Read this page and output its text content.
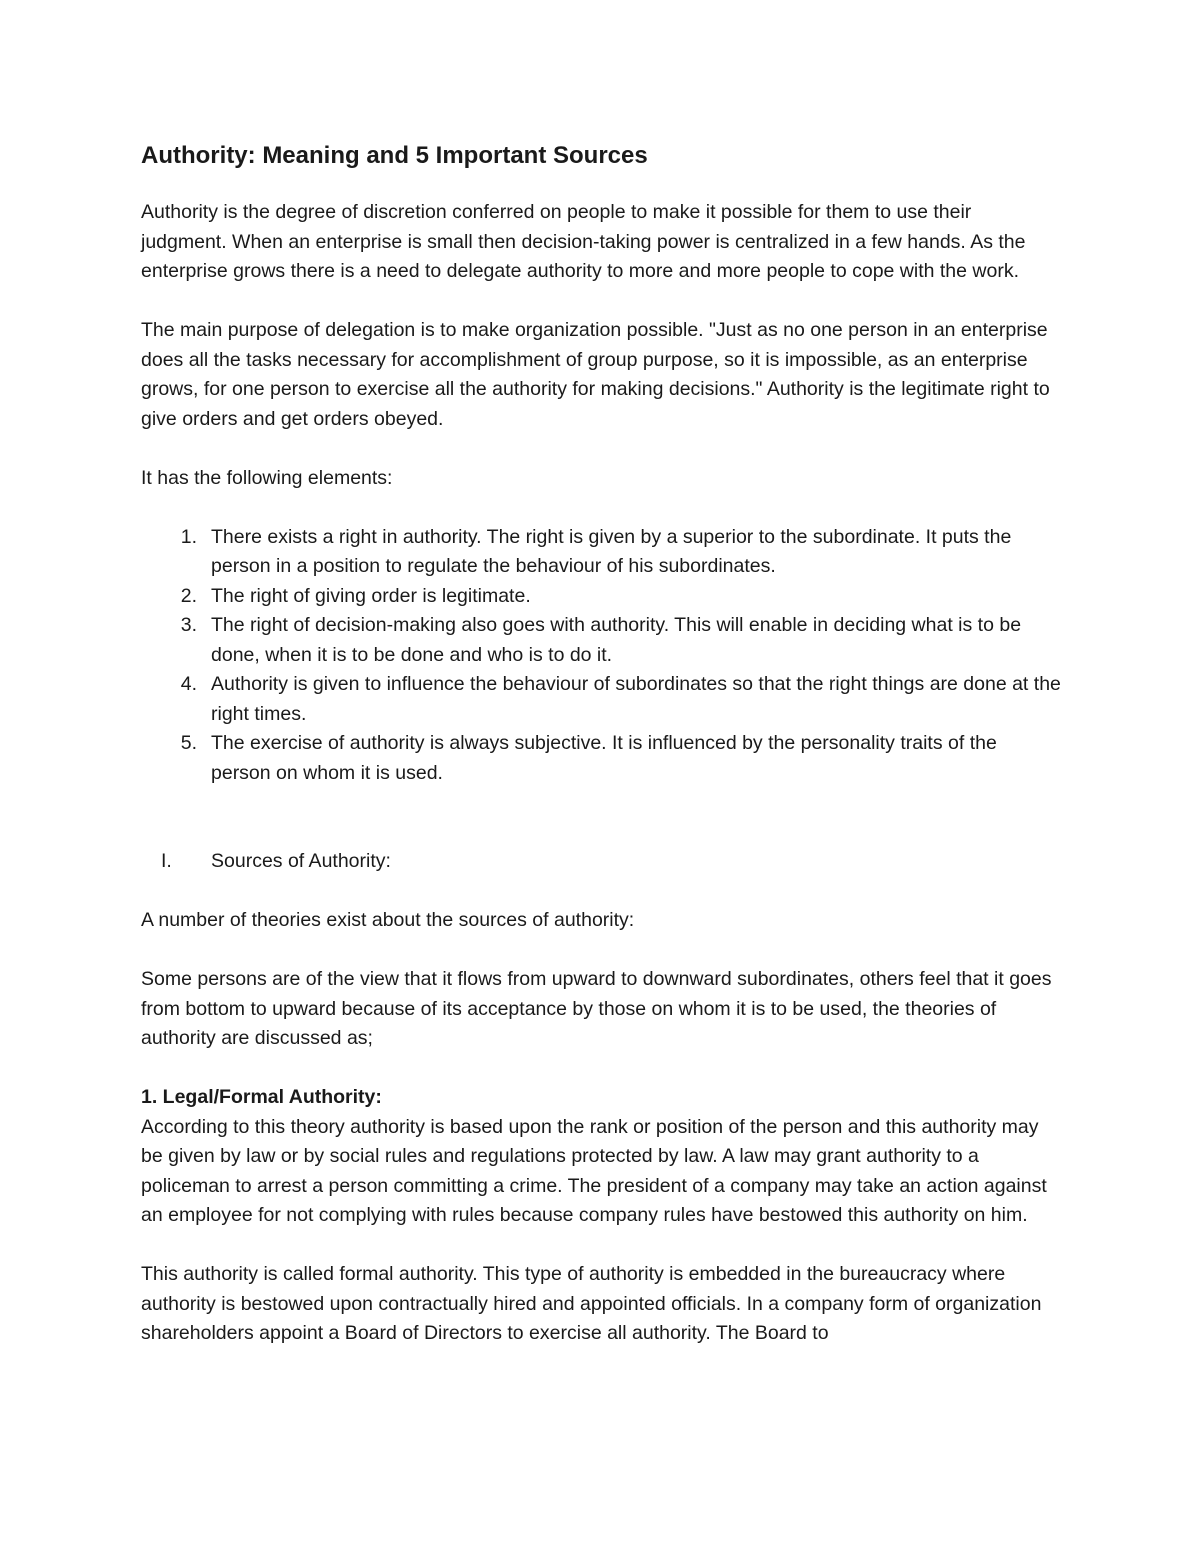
Authority: Meaning and 5 Important Sources

Authority is the degree of discretion conferred on people to make it possible for them to use their judgment. When an enterprise is small then decision-taking power is centralized in a few hands. As the enterprise grows there is a need to delegate authority to more and more people to cope with the work.

The main purpose of delegation is to make organization possible. "Just as no one person in an enterprise does all the tasks necessary for accomplishment of group purpose, so it is impossible, as an enterprise grows, for one person to exercise all the authority for making decisions." Authority is the legitimate right to give orders and get orders obeyed.

It has the following elements:

1. There exists a right in authority. The right is given by a superior to the subordinate. It puts the person in a position to regulate the behaviour of his subordinates.
2. The right of giving order is legitimate.
3. The right of decision-making also goes with authority. This will enable in deciding what is to be done, when it is to be done and who is to do it.
4. Authority is given to influence the behaviour of subordinates so that the right things are done at the right times.
5. The exercise of authority is always subjective. It is influenced by the personality traits of the person on whom it is used.
I. Sources of Authority:

A number of theories exist about the sources of authority:

Some persons are of the view that it flows from upward to downward subordinates, others feel that it goes from bottom to upward because of its acceptance by those on whom it is to be used, the theories of authority are discussed as;

1. Legal/Formal Authority:

According to this theory authority is based upon the rank or position of the person and this authority may be given by law or by social rules and regulations protected by law. A law may grant authority to a policeman to arrest a person committing a crime. The president of a company may take an action against an employee for not complying with rules because company rules have bestowed this authority on him.

This authority is called formal authority. This type of authority is embedded in the bureaucracy where authority is bestowed upon contractually hired and appointed officials. In a company form of organization shareholders appoint a Board of Directors to exercise all authority. The Board to
